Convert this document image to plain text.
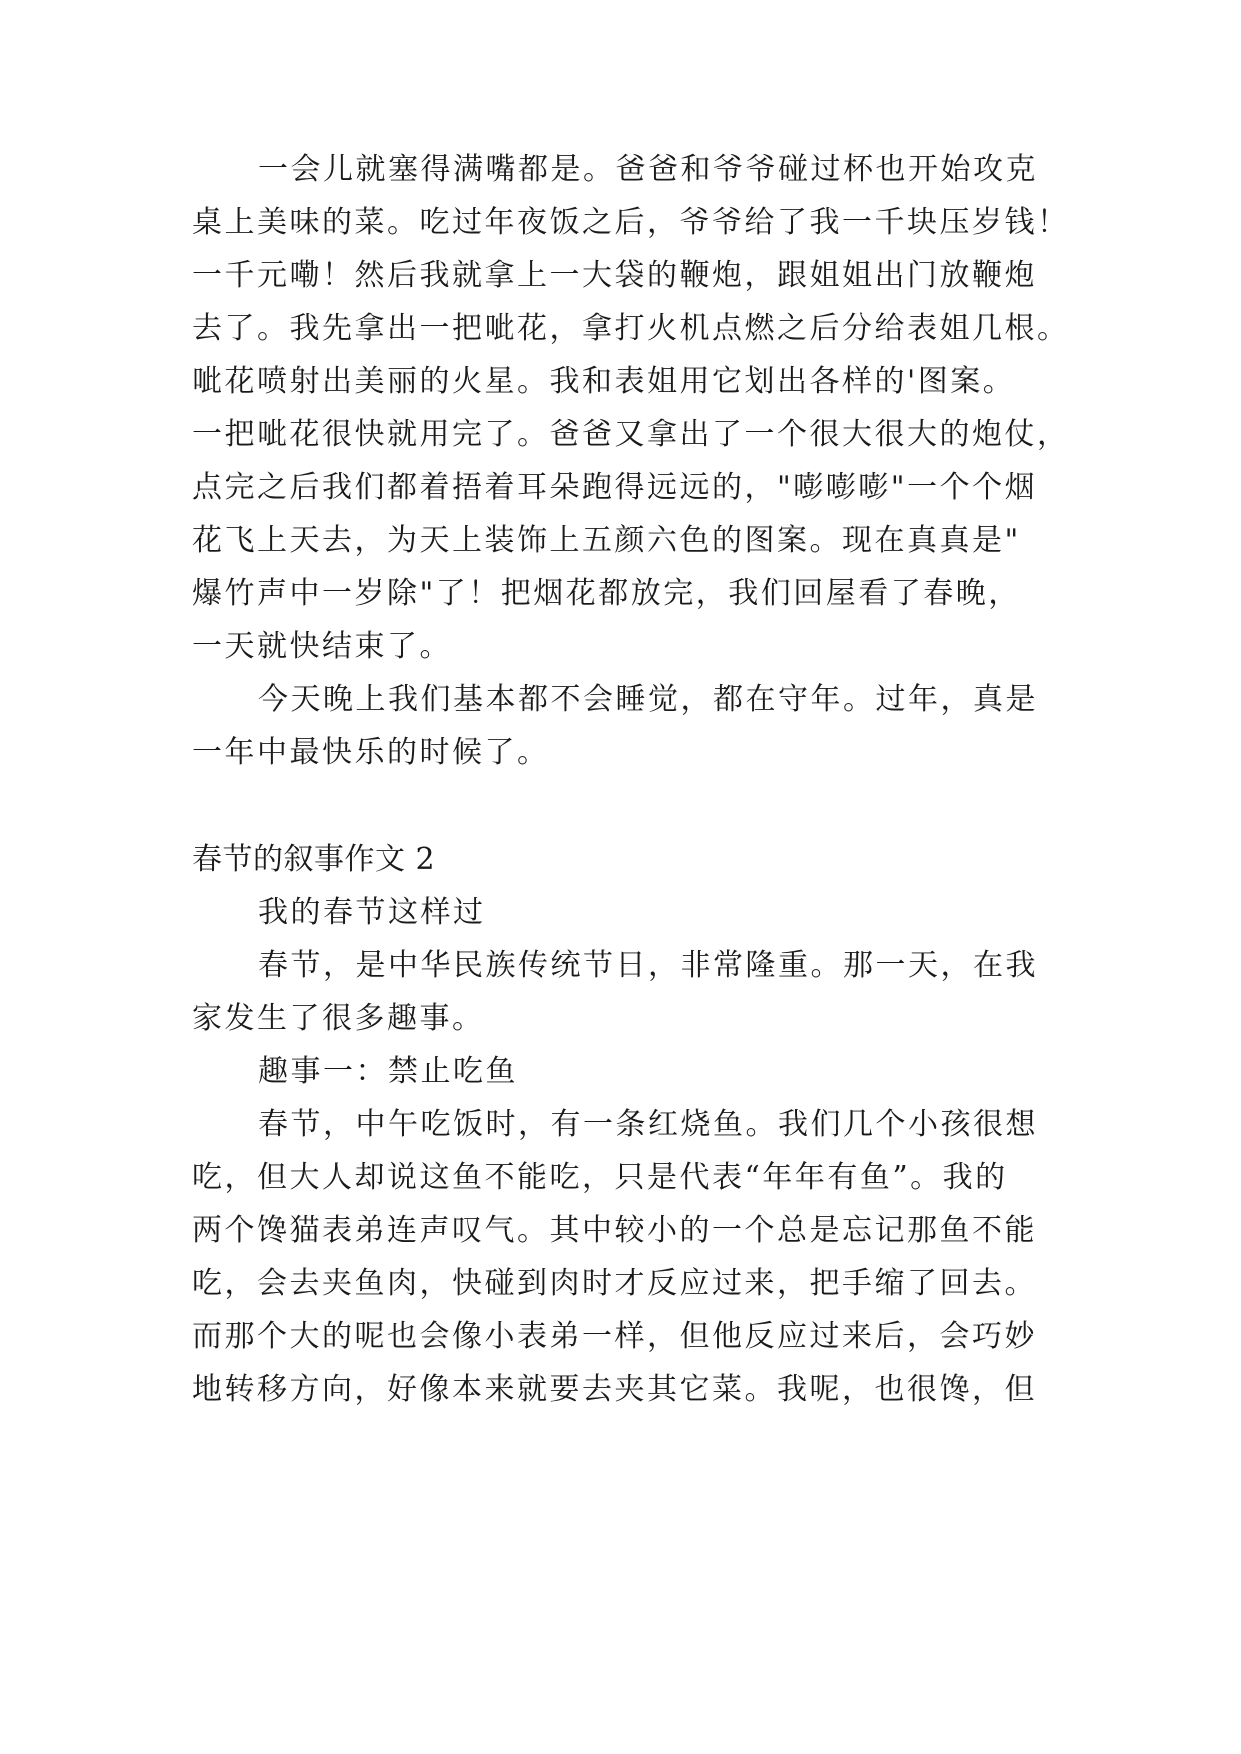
一会儿就塞得满嘴都是。爸爸和爷爷碰过杯也开始攻克
桌上美味的菜。吃过年夜饭之后，爷爷给了我一千块压岁钱！
一千元嘞！然后我就拿上一大袋的鞭炮，跟姐姐出门放鞭炮
去了。我先拿出一把呲花，拿打火机点燃之后分给表姐几根。
呲花喷射出美丽的火星。我和表姐用它划出各样的'图案。
一把呲花很快就用完了。爸爸又拿出了一个很大很大的炮仗，
点完之后我们都着捂着耳朵跑得远远的，"嘭嘭嘭"一个个烟
花飞上天去，为天上装饰上五颜六色的图案。现在真真是"
爆竹声中一岁除"了！把烟花都放完，我们回屋看了春晚，
一天就快结束了。
今天晚上我们基本都不会睡觉，都在守年。过年，真是
一年中最快乐的时候了。
春节的叙事作文 2
我的春节这样过
春节，是中华民族传统节日，非常隆重。那一天，在我
家发生了很多趣事。
趣事一：禁止吃鱼
春节，中午吃饭时，有一条红烧鱼。我们几个小孩很想
吃，但大人却说这鱼不能吃，只是代表“年年有鱼”。我的
两个馋猫表弟连声叹气。其中较小的一个总是忘记那鱼不能
吃，会去夹鱼肉，快碰到肉时才反应过来，把手缩了回去。
而那个大的呢也会像小表弟一样，但他反应过来后，会巧妙
地转移方向，好像本来就要去夹其它菜。我呢，也很馋，但
